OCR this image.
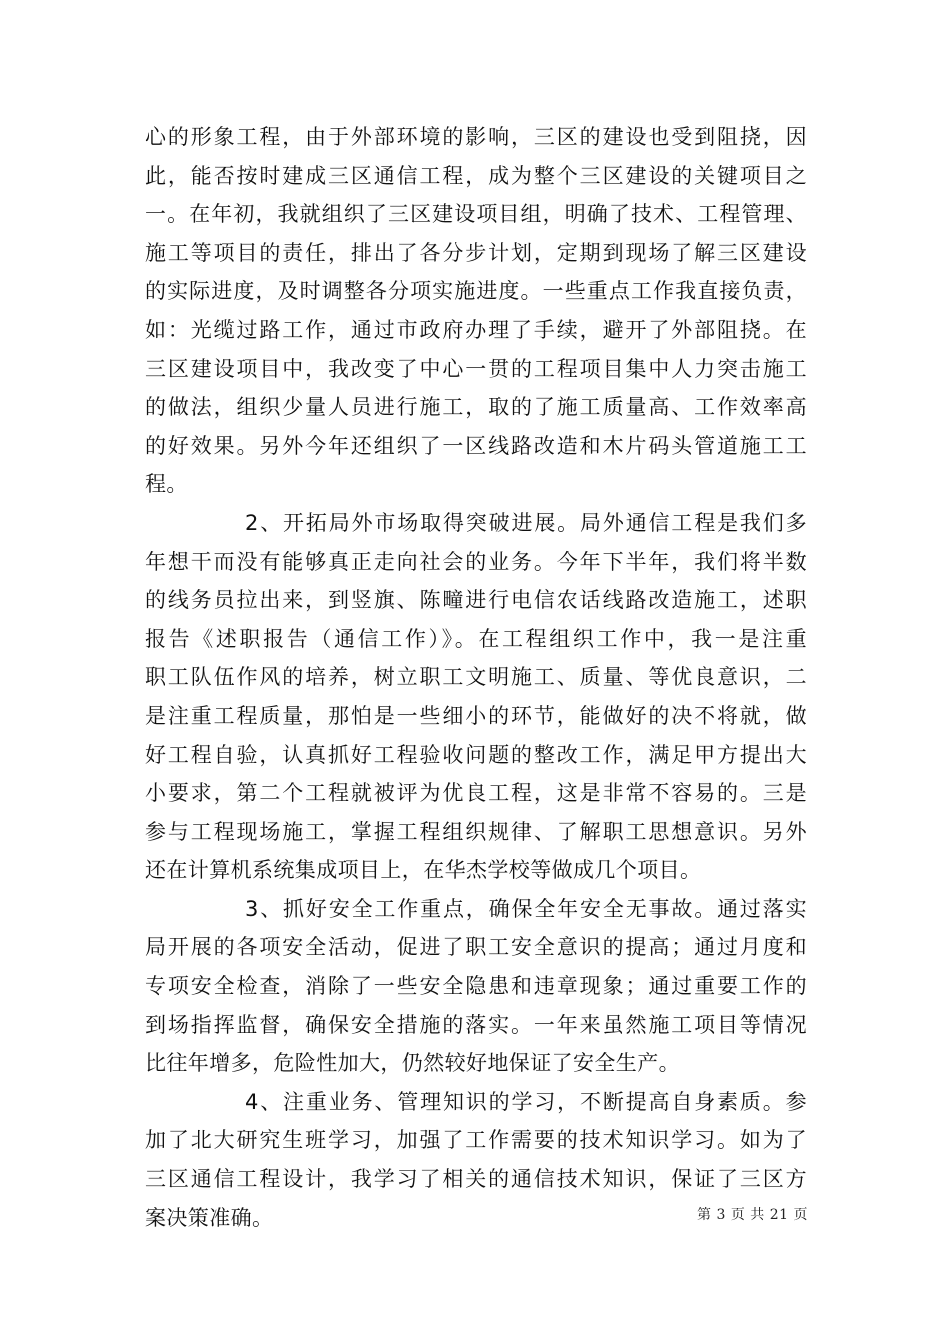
心的形象工程，由于外部环境的影响，三区的建设也受到阻挠，因
此，能否按时建成三区通信工程，成为整个三区建设的关键项目之
一。在年初，我就组织了三区建设项目组，明确了技术、工程管理、
施工等项目的责任，排出了各分步计划，定期到现场了解三区建设
的实际进度，及时调整各分项实施进度。一些重点工作我直接负责，
如：光缆过路工作，通过市政府办理了手续，避开了外部阻挠。在
三区建设项目中，我改变了中心一贯的工程项目集中人力突击施工
的做法，组织少量人员进行施工，取的了施工质量高、工作效率高
的好效果。另外今年还组织了一区线路改造和木片码头管道施工工
程。

2、开拓局外市场取得突破进展。局外通信工程是我们多
年想干而没有能够真正走向社会的业务。今年下半年，我们将半数
的线务员拉出来，到竖旗、陈疃进行电信农话线路改造施工，述职
报告《述职报告（通信工作）》。在工程组织工作中，我一是注重
职工队伍作风的培养，树立职工文明施工、质量、等优良意识，二
是注重工程质量，那怕是一些细小的环节，能做好的决不将就，做
好工程自验，认真抓好工程验收问题的整改工作，满足甲方提出大
小要求，第二个工程就被评为优良工程，这是非常不容易的。三是
参与工程现场施工，掌握工程组织规律、了解职工思想意识。另外
还在计算机系统集成项目上，在华杰学校等做成几个项目。

3、抓好安全工作重点，确保全年安全无事故。通过落实
局开展的各项安全活动，促进了职工安全意识的提高；通过月度和
专项安全检查，消除了一些安全隐患和违章现象；通过重要工作的
到场指挥监督，确保安全措施的落实。一年来虽然施工项目等情况
比往年增多，危险性加大，仍然较好地保证了安全生产。

4、注重业务、管理知识的学习，不断提高自身素质。参
加了北大研究生班学习，加强了工作需要的技术知识学习。如为了
三区通信工程设计，我学习了相关的通信技术知识，保证了三区方
案决策准确。	第 3 页 共 21 页
